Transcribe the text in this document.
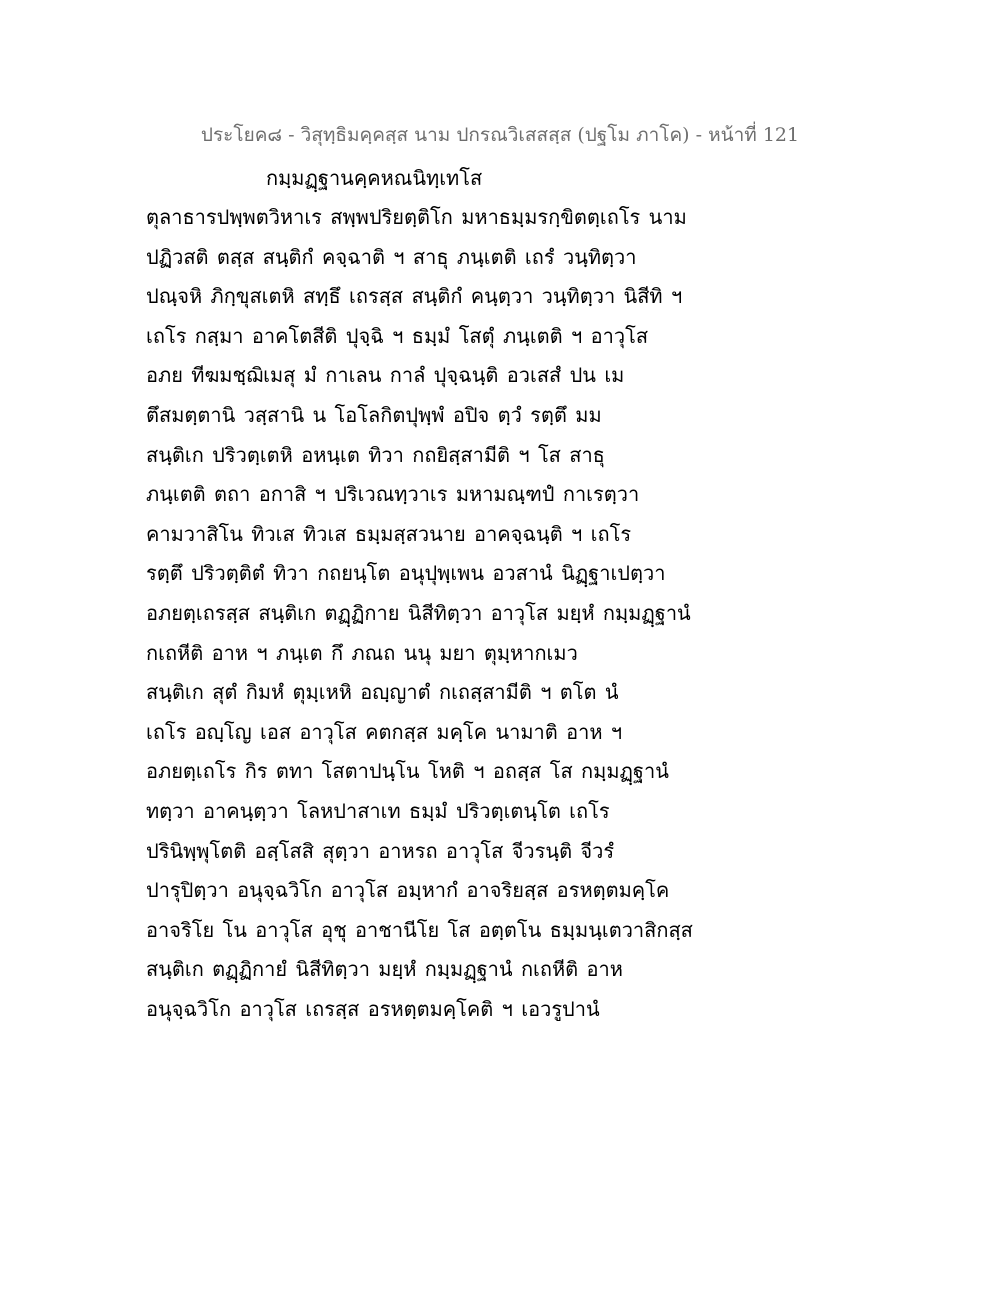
ประโยค๘ - วิสุทฺธิมคฺคสฺส นาม ปกรณวิเสสสฺส (ปฐโม ภาโค) - หน้าที่ 121
กมฺมฏฺฐานคฺคหณนิทฺเทโส
ตุลาธารปพฺพตวิหาเร สพฺพปริยตฺติโก มหาธมฺมรกฺขิตตฺเถโร นาม
ปฏิวสติ ตสฺส สนฺติกํ คจฺฉาติ ฯ สาธุ ภนฺเตติ เถรํ วนฺทิตฺวา
ปณฺจหิ ภิกฺขุสเตหิ สทฺธึ เถรสฺส สนฺติกํ คนฺตฺวา วนฺทิตฺวา นิสีทิ ฯ
เถโร กสฺมา อาคโตสีติ ปุจฺฉิ ฯ ธมฺมํ โสตุํ ภนฺเตติ ฯ อาวุโส
อภย ทีฆมชฺฌิเมสุ มํ กาเลน กาลํ ปุจฺฉนฺติ อวเสสํ ปน เม
ตึสมตฺตานิ วสฺสานิ น โอโลกิตปุพฺพํ อปิจ ตฺวํ รตฺตึ มม
สนฺติเก ปริวตฺเตหิ อหนฺเต ทิวา กถยิสฺสามีติ ฯ โส สาธุ
ภนฺเตติ ตถา อกาสิ ฯ ปริเวณทฺวาเร มหามณฺฑปํ กาเรตฺวา
คามวาสิโน ทิวเส ทิวเส ธมฺมสฺสวนาย อาคจฺฉนฺติ ฯ เถโร
รตฺตึ ปริวตฺติตํ ทิวา กถยนฺโต อนุปุพฺเพน อวสานํ นิฏฺฐาเปตฺวา
อภยตฺเถรสฺส สนฺติเก ตฏฺฏิกาย นิสีทิตฺวา อาวุโส มยฺหํ กมฺมฏฺฐานํ
กเถหีติ อาห ฯ ภนฺเต กึ ภณถ นนุ มยา ตุมฺหากเมว
สนฺติเก สุตํ กิมหํ ตุมฺเหหิ อญฺญาตํ กเถสฺสามีติ ฯ ตโต นํ
เถโร อญฺโญ เอส อาวุโส คตกสฺส มคฺโค นามาติ อาห ฯ
อภยตฺเถโร กิร ตทา โสตาปนฺโน โหติ ฯ อถสฺส โส กมฺมฏฺฐานํ
ทตฺวา อาคนฺตฺวา โลหปาสาเท ธมฺมํ ปริวตฺเตนฺโต เถโร
ปรินิพฺพุโตติ อสฺโสสิ สุตฺวา อาหรถ อาวุโส จีวรนฺติ จีวรํ
ปารุปิตฺวา อนุจฺฉวิโก อาวุโส อมฺหากํ อาจริยสฺส อรหตฺตมคฺโค
อาจริโย โน อาวุโส อุชุ อาชานีโย โส อตฺตโน ธมฺมนฺเตวาสิกสฺส
สนฺติเก ตฏฺฏิกายํ นิสีทิตฺวา มยฺหํ กมฺมฏฺฐานํ กเถหีติ อาห
อนุจฺฉวิโก อาวุโส เถรสฺส อรหตฺตมคฺโคติ ฯ เอวรูปานํ
